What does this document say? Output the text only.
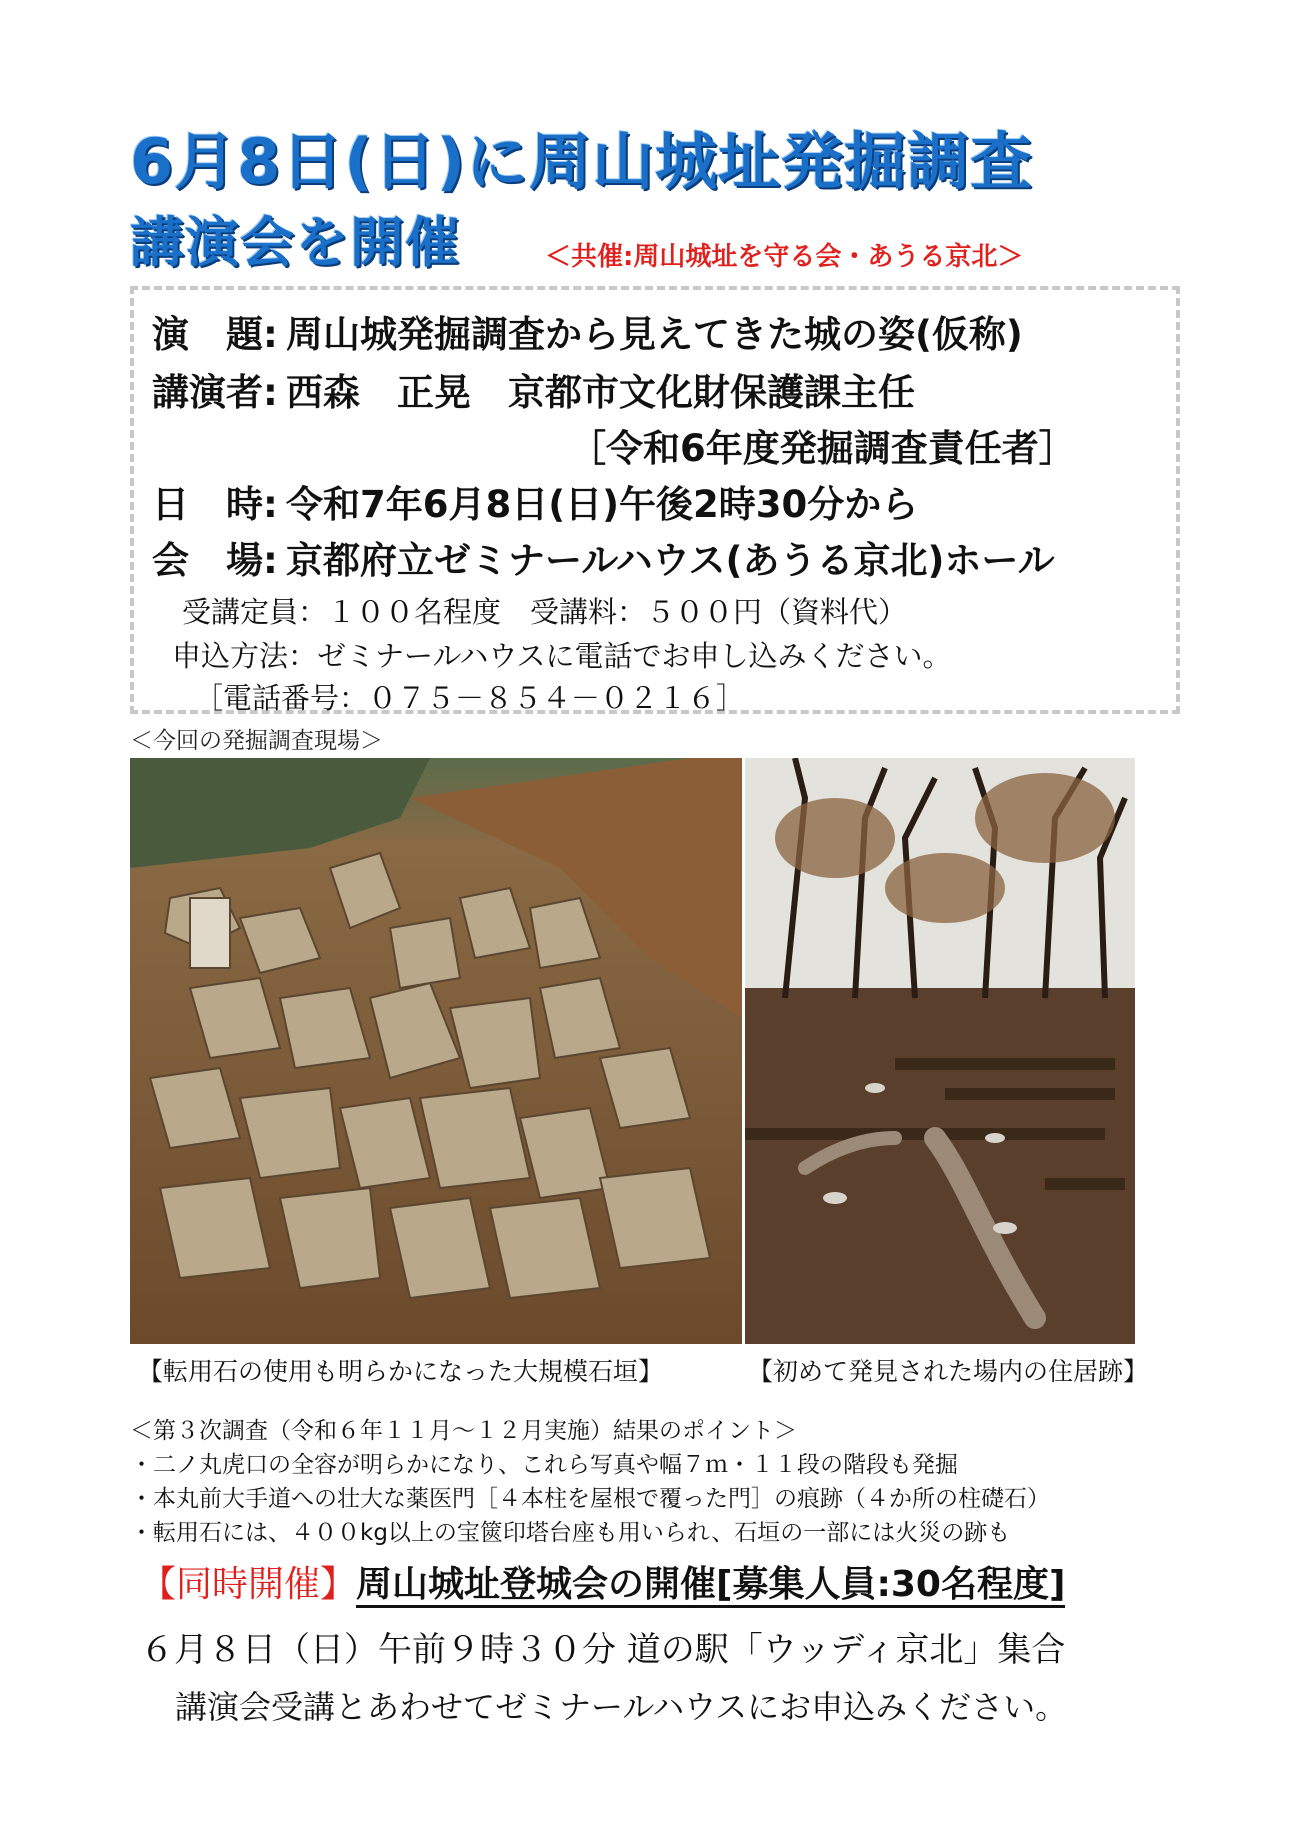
6月8日(日)に周山城址発掘調査
講演会を開催	＜共催:周山城址を守る会・あうる京北＞
演　題: 周山城発掘調査から見えてきた城の姿(仮称)
講演者: 西森　正晃　京都市文化財保護課主任
［令和6年度発掘調査責任者］
日　時: 令和7年6月8日(日)午後2時30分から
会　場: 京都府立ゼミナールハウス(あうる京北)ホール
受講定員：１００名程度　受講料：５００円（資料代）
申込方法：ゼミナールハウスに電話でお申し込みください。
［電話番号：０７５－８５４－０２１６］
＜今回の発掘調査現場＞
【転用石の使用も明らかになった大規模石垣】	【初めて発見された場内の住居跡】
＜第３次調査（令和６年１１月～１２月実施）結果のポイント＞
・二ノ丸虎口の全容が明らかになり、これら写真や幅７ｍ・１１段の階段も発掘
・本丸前大手道への壮大な薬医門［４本柱を屋根で覆った門］の痕跡（４か所の柱礎石）
・転用石には、４００kg以上の宝篋印塔台座も用いられ、石垣の一部には火災の跡も
【同時開催】周山城址登城会の開催[募集人員:30名程度]
６月８日（日）午前９時３０分 道の駅「ウッディ京北」集合
講演会受講とあわせてゼミナールハウスにお申込みください。
